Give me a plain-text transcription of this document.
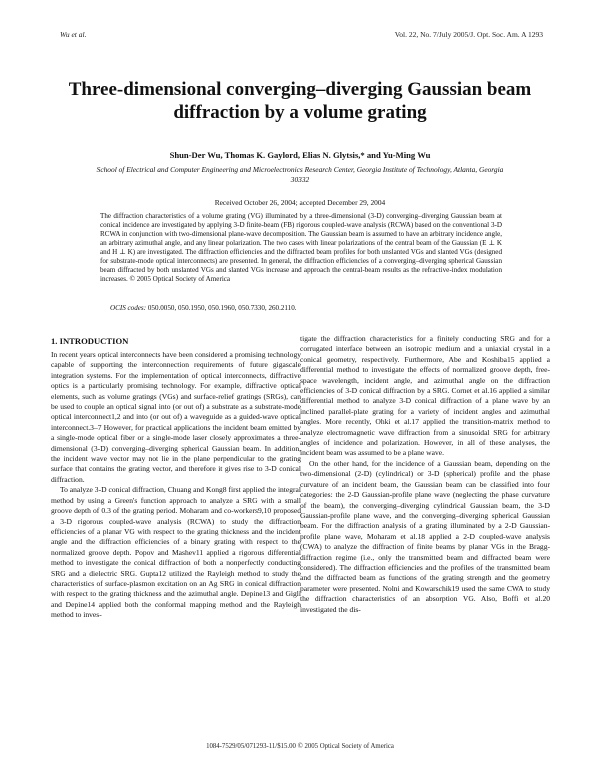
Wu et al.	Vol. 22, No. 7/July 2005/J. Opt. Soc. Am. A 1293
Three-dimensional converging–diverging Gaussian beam diffraction by a volume grating
Shun-Der Wu, Thomas K. Gaylord, Elias N. Glytsis,* and Yu-Ming Wu
School of Electrical and Computer Engineering and Microelectronics Research Center, Georgia Institute of Technology, Atlanta, Georgia 30332
Received October 26, 2004; accepted December 29, 2004

The diffraction characteristics of a volume grating (VG) illuminated by a three-dimensional (3-D) converging–diverging Gaussian beam at conical incidence are investigated by applying 3-D finite-beam (FB) rigorous coupled-wave analysis (RCWA) based on the conventional 3-D RCWA in conjunction with two-dimensional plane-wave decomposition. The Gaussian beam is assumed to have an arbitrary incidence angle, an arbitrary azimuthal angle, and any linear polarization. The two cases with linear polarizations of the central beam of the Gaussian (E ⊥ K and H ⊥ K) are investigated. The diffraction efficiencies and the diffracted beam profiles for both unslanted VGs and slanted VGs (designed for substrate-mode optical interconnects) are presented. In general, the diffraction efficiencies of a converging–diverging spherical Gaussian beam diffracted by both unslanted VGs and slanted VGs increase and approach the central-beam results as the refractive-index modulation increases. © 2005 Optical Society of America

OCIS codes: 050.0050, 050.1950, 050.1960, 050.7330, 260.2110.
1. INTRODUCTION

In recent years optical interconnects have been considered a promising technology capable of supporting the interconnection requirements of future gigascale integration systems. For the implementation of optical interconnects, diffractive optics is a particularly promising technology. For example, diffractive optical elements, such as volume gratings (VGs) and surface-relief gratings (SRGs), can be used to couple an optical signal into (or out of) a substrate as a substrate-mode optical interconnect1,2 and into (or out of) a waveguide as a guided-wave optical interconnect.3–7 However, for practical applications the incident beam emitted by a single-mode optical fiber or a single-mode laser closely approximates a three-dimensional (3-D) converging–diverging spherical Gaussian beam. In addition, the incident wave vector may not lie in the plane perpendicular to the grating surface that contains the grating vector, and therefore it gives rise to 3-D conical diffraction.

To analyze 3-D conical diffraction, Chuang and Kong8 first applied the integral method by using a Green's function approach to analyze a SRG with a small groove depth of 0.3 of the grating period. Moharam and co-workers9,10 proposed a 3-D rigorous coupled-wave analysis (RCWA) to study the diffraction efficiencies of a planar VG with respect to the grating thickness and the incident angle and the diffraction efficiencies of a binary grating with respect to the normalized groove depth. Popov and Mashev11 applied a rigorous differential method to investigate the conical diffraction of both a nonperfectly conducting SRG and a dielectric SRG. Gupta12 utilized the Rayleigh method to study the characteristics of surface-plasmon excitation on an Ag SRG in conical diffraction with respect to the grating thickness and the azimuthal angle. Depine13 and Gigli and Depine14 applied both the conformal mapping method and the Rayleigh method to inves-

tigate the diffraction characteristics for a finitely conducting SRG and for a corrugated interface between an isotropic medium and a uniaxial crystal in a conical geometry, respectively. Furthermore, Abe and Koshiba15 applied a differential method to investigate the effects of normalized groove depth, free-space wavelength, incident angle, and azimuthal angle on the diffraction efficiencies of 3-D conical diffraction by a SRG. Cornet et al.16 applied a similar differential method to analyze 3-D conical diffraction of a plane wave by an inclined parallel-plate grating for a variety of incident angles and azimuthal angles. More recently, Ohki et al.17 applied the transition-matrix method to analyze electromagnetic wave diffraction from a sinusoidal SRG for arbitrary angles of incidence and polarization. However, in all of these analyses, the incident beam was assumed to be a plane wave.

On the other hand, for the incidence of a Gaussian beam, depending on the two-dimensional (2-D) (cylindrical) or 3-D (spherical) profile and the phase curvature of an incident beam, the Gaussian beam can be classified into four categories: the 2-D Gaussian-profile plane wave (neglecting the phase curvature of the beam), the converging–diverging cylindrical Gaussian beam, the 3-D Gaussian-profile plane wave, and the converging–diverging spherical Gaussian beam. For the diffraction analysis of a grating illuminated by a 2-D Gaussian-profile plane wave, Moharam et al.18 applied a 2-D coupled-wave analysis (CWA) to analyze the diffraction of finite beams by planar VGs in the Bragg-diffraction regime (i.e., only the transmitted beam and diffracted beam were considered). The diffraction efficiencies and the profiles of the transmitted beam and the diffracted beam as functions of the grating strength and the geometry parameter were presented. Nolni and Kowarschik19 used the same CWA to study the diffraction characteristics of an absorption VG. Also, Boffi et al.20 investigated the dis-

1084-7529/05/071293-11/$15.00 © 2005 Optical Society of America
